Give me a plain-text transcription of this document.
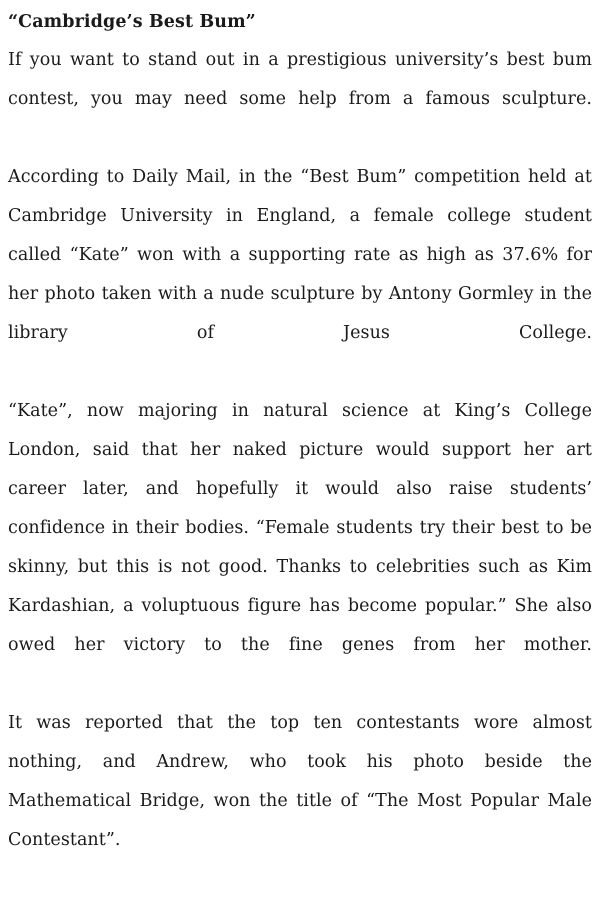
“Cambridge’s Best Bum”

If you want to stand out in a prestigious university’s best bum contest, you may need some help from a famous sculpture.

According to Daily Mail, in the “Best Bum” competition held at Cambridge University in England, a female college student called “Kate” won with a supporting rate as high as 37.6% for her photo taken with a nude sculpture by Antony Gormley in the library of Jesus College.

“Kate”, now majoring in natural science at King’s College London, said that her naked picture would support her art career later, and hopefully it would also raise students’ confidence in their bodies. “Female students try their best to be skinny, but this is not good. Thanks to celebrities such as Kim Kardashian, a voluptuous figure has become popular.” She also owed her victory to the fine genes from her mother.

It was reported that the top ten contestants wore almost nothing, and Andrew, who took his photo beside the Mathematical Bridge, won the title of “The Most Popular Male Contestant”.
